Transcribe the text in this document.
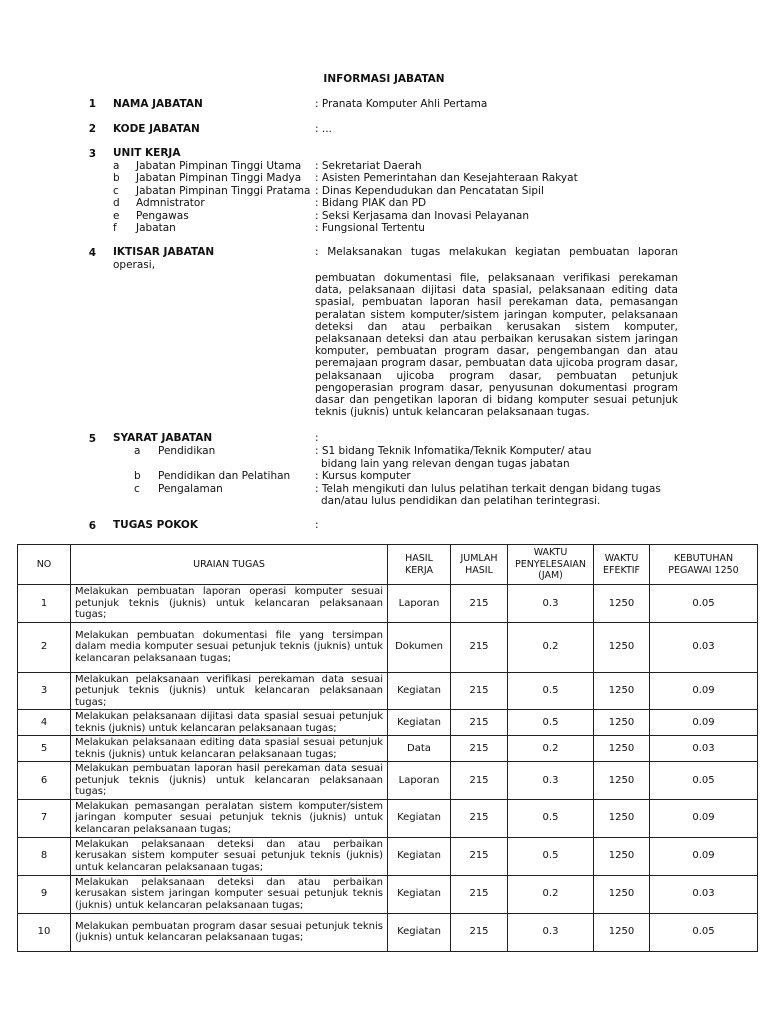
INFORMASI JABATAN
1 NAMA JABATAN	: Pranata Komputer Ahli Pertama
2 KODE JABATAN	: ...
3 UNIT KERJA
a Jabatan Pimpinan Tinggi Utama : Sekretariat Daerah
b Jabatan Pimpinan Tinggi Madya : Asisten Pemerintahan dan Kesejahteraan Rakyat
c Jabatan Pimpinan Tinggi Pratama : Dinas Kependudukan dan Pencatatan Sipil
d Admnistrator	: Bidang PIAK dan PD
e Pengawas	: Seksi Kerjasama dan Inovasi Pelayanan
f Jabatan	: Fungsional Tertentu
4 IKTISAR JABATAN
operasi,
: Melaksanakan tugas melakukan kegiatan pembuatan laporan
pembuatan dokumentasi file, pelaksanaan verifikasi perekaman data, pelaksanaan dijitasi data spasial, pelaksanaan editing data spasial, pembuatan laporan hasil perekaman data, pemasangan peralatan sistem komputer/sistem jaringan komputer, pelaksanaan deteksi dan atau perbaikan kerusakan sistem komputer, pelaksanaan deteksi dan atau perbaikan kerusakan sistem jaringan komputer, pembuatan program dasar, pengembangan dan atau peremajaan program dasar, pembuatan data ujicoba program dasar, pelaksanaan ujicoba program dasar, pembuatan petunjuk pengoperasian program dasar, penyusunan dokumentasi program dasar dan pengetikan laporan di bidang komputer sesuai petunjuk teknis (juknis) untuk kelancaran pelaksanaan tugas.
5 SYARAT JABATAN	:
a Pendidikan	: S1 bidang Teknik Infomatika/Teknik Komputer/ atau
bidang lain yang relevan dengan tugas jabatan
b Pendidikan dan Pelatihan : Kursus komputer
c Pengalaman	: Telah mengikuti dan lulus pelatihan terkait dengan bidang tugas
dan/atau lulus pendidikan dan pelatihan terintegrasi.
6 TUGAS POKOK	:
NO	URAIAN TUGAS	HASIL KERJA	JUMLAH HASIL	WAKTU PENYELESAIAN (JAM)	WAKTU EFEKTIF	KEBUTUHAN PEGAWAI 1250
1	Melakukan pembuatan laporan operasi komputer sesuai petunjuk teknis (juknis) untuk kelancaran pelaksanaan tugas;	Laporan	215	0.3	1250	0.05
2	Melakukan pembuatan dokumentasi file yang tersimpan dalam media komputer sesuai petunjuk teknis (juknis) untuk kelancaran pelaksanaan tugas;	Dokumen	215	0.2	1250	0.03
3	Melakukan pelaksanaan verifikasi perekaman data sesuai petunjuk teknis (juknis) untuk kelancaran pelaksanaan tugas;	Kegiatan	215	0.5	1250	0.09
4	Melakukan pelaksanaan dijitasi data spasial sesuai petunjuk teknis (juknis) untuk kelancaran pelaksanaan tugas;	Kegiatan	215	0.5	1250	0.09
5	Melakukan pelaksanaan editing data spasial sesuai petunjuk teknis (juknis) untuk kelancaran pelaksanaan tugas;	Data	215	0.2	1250	0.03
6	Melakukan pembuatan laporan hasil perekaman data sesuai petunjuk teknis (juknis) untuk kelancaran pelaksanaan tugas;	Laporan	215	0.3	1250	0.05
7	Melakukan pemasangan peralatan sistem komputer/sistem jaringan komputer sesuai petunjuk teknis (juknis) untuk kelancaran pelaksanaan tugas;	Kegiatan	215	0.5	1250	0.09
8	Melakukan pelaksanaan deteksi dan atau perbaikan kerusakan sistem komputer sesuai petunjuk teknis (juknis) untuk kelancaran pelaksanaan tugas;	Kegiatan	215	0.5	1250	0.09
9	Melakukan pelaksanaan deteksi dan atau perbaikan kerusakan sistem jaringan komputer sesuai petunjuk teknis (juknis) untuk kelancaran pelaksanaan tugas;	Kegiatan	215	0.2	1250	0.03
10	Melakukan pembuatan program dasar sesuai petunjuk teknis (juknis) untuk kelancaran pelaksanaan tugas;	Kegiatan	215	0.3	1250	0.05
